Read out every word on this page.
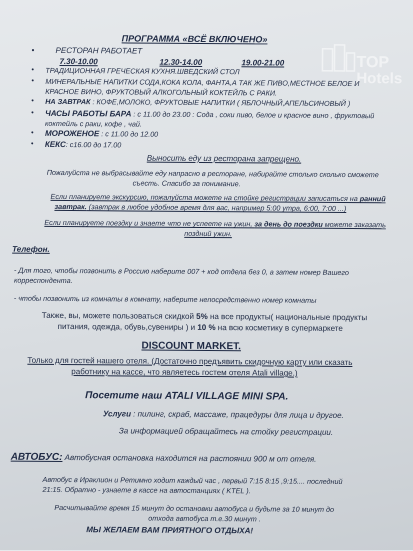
TOP
Hotels
ПРОГРАММА «ВСЁ ВКЛЮЧЕНО»
•	РЕСТОРАН РАБОТАЕТ
7.30-10.00	12.30-14.00	19.00-21.00
• ТРАДИЦИОННАЯ ГРЕЧЕСКАЯ КУХНЯ.ШВЕДСКИЙ СТОЛ
• МИНЕРАЛЬНЫЕ НАПИТКИ СОДА,КОКА КОЛА, ФАНТА,А ТАК ЖЕ ПИВО,МЕСТНОЕ БЕЛОЕ И
КРАСНОЕ ВИНО, ФРУКТОВЫЙ АЛКОГОЛЬНЫЙ КОКТЕЙЛЬ С РАКИ.
• НА ЗАВТРАК : КОФЕ,МОЛОКО, ФРУКТОВЫЕ НАПИТКИ ( ЯБЛОЧНЫЙ,АПЕЛЬСИНОВЫЙ )
• ЧАСЫ РАБОТЫ БАРА : с 11.00 до 23.00 : Сода , соки пиво, белое и красное вино , фруктовый
коктейль с раки, кофе , чай.
• МОРОЖЕНОЕ : с 11.00 до 12.00
• КЕКС: с16.00 до 17.00
Выносить еду из ресторана запрещено.
Пожалуйста не выбрасывайте еду напрасно в ресторане, набирайте столько сколько сможете
съесть. Спасибо за понимание.
Если планируете экскурсию, пожалуйста можете на стойке регистрации записаться на ранний
завтрак. (завтрак в любое удобное время для вас, например 5:00 утра, 6:00, 7:00 ...)
Если планируете поездку и знаете что не успеете на ужин, за день до поездки можете заказать
поздний ужин.
Телефон.
- Для того, чтобы позвонить в Россию наберите 007 + код отдела без 0, а затем номер Вашего
корреспондента.
- чтобы позвонить из комнаты в комнату, наберите непосредственно номер комнаты
Также, вы, можете пользоваться скидкой 5% на все продукты( национальные продукты
питания, одежда, обувь,сувениры ) и 10 % на всю косметику в супермаркете
DISCOUNT MARKET.
Только для гостей нашего отеля. (Достаточно предъявить скидочную карту или сказать
работнику на кассе, что являетесь гостем отеля Atali village.)
Посетите наш ATALI VILLAGE MINI SPA.
Услуги : пилинг, скраб, массаже, працедуры для лица и другое.
За информацией обращайтесь на стойку регистрации.
АВТОБУС: Автобусная остановка находится на растоянии 900 м от отеля.
Автобус в Ираклион и Ретимно ходит каждый час , первый 7:15 8:15 ,9:15.... последний
21:15. Обратно - узнаете в кассе на автостанциях ( KTEL ).
Расчитывайте время 15 минут до остановки автобуса и будьте за 10 минут до
отхода автобуса т.е.30 минут .
МЫ ЖЕЛАЕМ ВАМ ПРИЯТНОГО ОТДЫХА!
